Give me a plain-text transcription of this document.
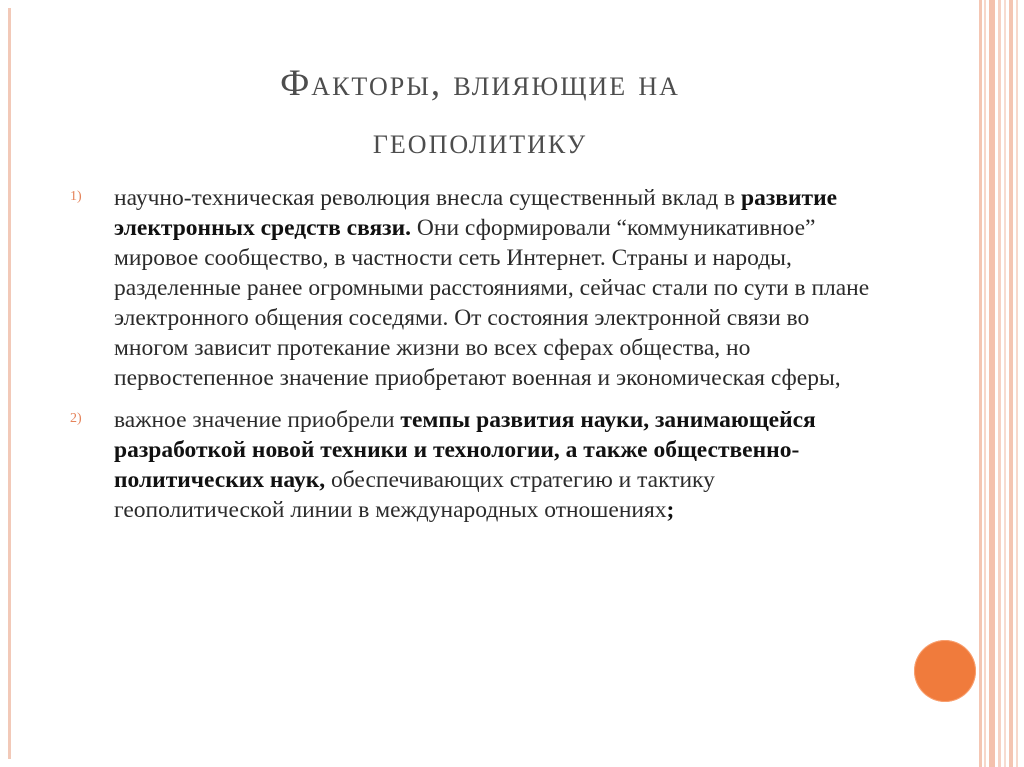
Факторы, влияющие на
геополитику
1) научно-техническая революция внесла существенный вклад в развитие электронных средств связи. Они сформировали “коммуникативное” мировое сообщество, в частности сеть Интернет. Страны и народы, разделенные ранее огромными расстояниями, сейчас стали по сути в плане электронного общения соседями. От состояния электронной связи во многом зависит протекание жизни во всех сферах общества, но первостепенное значение приобретают военная и экономическая сферы,
2) важное значение приобрели темпы развития науки, занимающейся разработкой новой техники и технологии, а также общественно-политических наук, обеспечивающих стратегию и тактику геополитической линии в международных отношениях;
